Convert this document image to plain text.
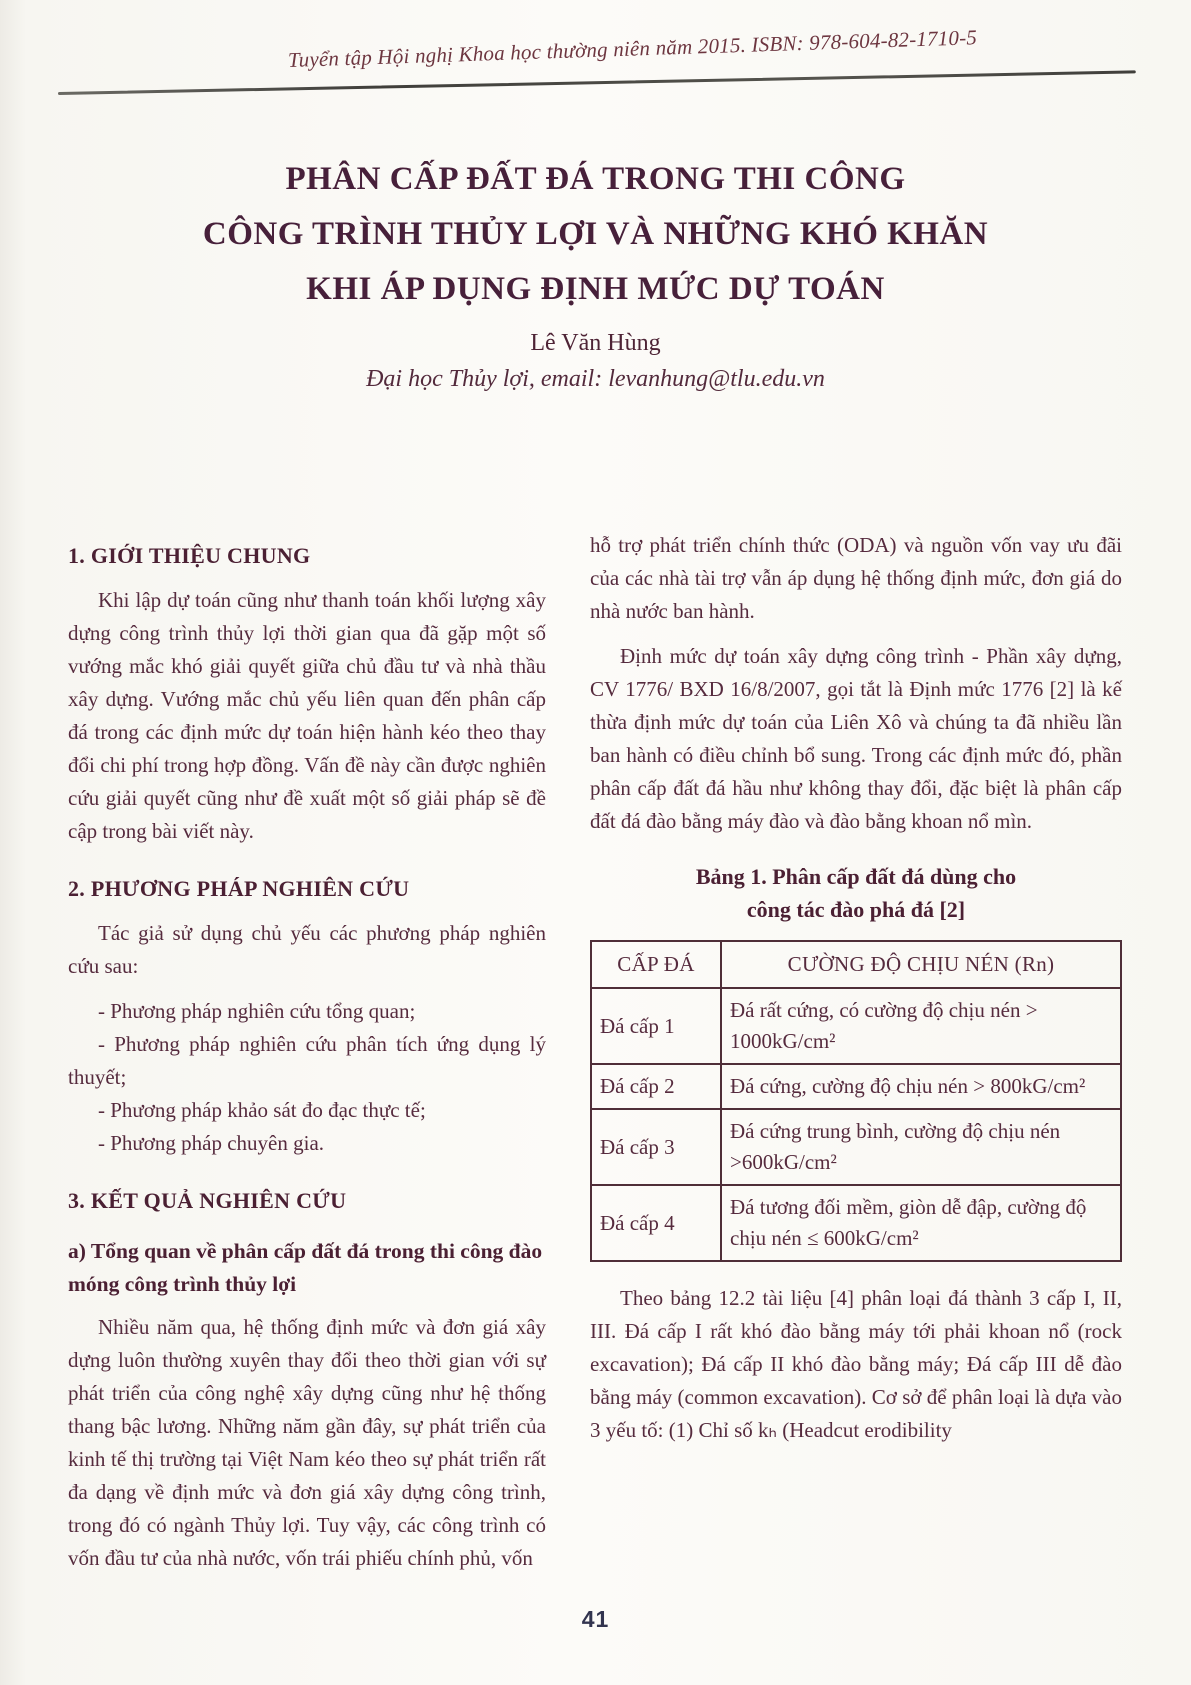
Tuyển tập Hội nghị Khoa học thường niên năm 2015. ISBN: 978-604-82-1710-5
PHÂN CẤP ĐẤT ĐÁ TRONG THI CÔNG
CÔNG TRÌNH THỦY LỢI VÀ NHỮNG KHÓ KHĂN
KHI ÁP DỤNG ĐỊNH MỨC DỰ TOÁN
Lê Văn Hùng
Đại học Thủy lợi, email: levanhung@tlu.edu.vn
1. GIỚI THIỆU CHUNG

Khi lập dự toán cũng như thanh toán khối lượng xây dựng công trình thủy lợi thời gian qua đã gặp một số vướng mắc khó giải quyết giữa chủ đầu tư và nhà thầu xây dựng. Vướng mắc chủ yếu liên quan đến phân cấp đá trong các định mức dự toán hiện hành kéo theo thay đổi chi phí trong hợp đồng. Vấn đề này cần được nghiên cứu giải quyết cũng như đề xuất một số giải pháp sẽ đề cập trong bài viết này.

2. PHƯƠNG PHÁP NGHIÊN CỨU

Tác giả sử dụng chủ yếu các phương pháp nghiên cứu sau:

- Phương pháp nghiên cứu tổng quan;

- Phương pháp nghiên cứu phân tích ứng dụng lý thuyết;

- Phương pháp khảo sát đo đạc thực tế;

- Phương pháp chuyên gia.

3. KẾT QUẢ NGHIÊN CỨU
a) Tổng quan về phân cấp đất đá trong thi công đào móng công trình thủy lợi

Nhiều năm qua, hệ thống định mức và đơn giá xây dựng luôn thường xuyên thay đổi theo thời gian với sự phát triển của công nghệ xây dựng cũng như hệ thống thang bậc lương. Những năm gần đây, sự phát triển của kinh tế thị trường tại Việt Nam kéo theo sự phát triển rất đa dạng về định mức và đơn giá xây dựng công trình, trong đó có ngành Thủy lợi. Tuy vậy, các công trình có vốn đầu tư của nhà nước, vốn trái phiếu chính phủ, vốn

hỗ trợ phát triển chính thức (ODA) và nguồn vốn vay ưu đãi của các nhà tài trợ vẫn áp dụng hệ thống định mức, đơn giá do nhà nước ban hành.

Định mức dự toán xây dựng công trình - Phần xây dựng, CV 1776/ BXD 16/8/2007, gọi tắt là Định mức 1776 [2] là kế thừa định mức dự toán của Liên Xô và chúng ta đã nhiều lần ban hành có điều chỉnh bổ sung. Trong các định mức đó, phần phân cấp đất đá hầu như không thay đổi, đặc biệt là phân cấp đất đá đào bằng máy đào và đào bằng khoan nổ mìn.

Bảng 1. Phân cấp đất đá dùng cho
công tác đào phá đá [2]
CẤP ĐÁ	CƯỜNG ĐỘ CHỊU NÉN (Rn)
Đá cấp 1	Đá rất cứng, có cường độ chịu nén > 1000kG/cm²
Đá cấp 2	Đá cứng, cường độ chịu nén > 800kG/cm²
Đá cấp 3	Đá cứng trung bình, cường độ chịu nén >600kG/cm²
Đá cấp 4	Đá tương đối mềm, giòn dễ đập, cường độ chịu nén ≤ 600kG/cm²

Theo bảng 12.2 tài liệu [4] phân loại đá thành 3 cấp I, II, III. Đá cấp I rất khó đào bằng máy tới phải khoan nổ (rock excavation); Đá cấp II khó đào bằng máy; Đá cấp III dễ đào bằng máy (common excavation). Cơ sở để phân loại là dựa vào 3 yếu tố: (1) Chỉ số kₕ (Headcut erodibility

41
